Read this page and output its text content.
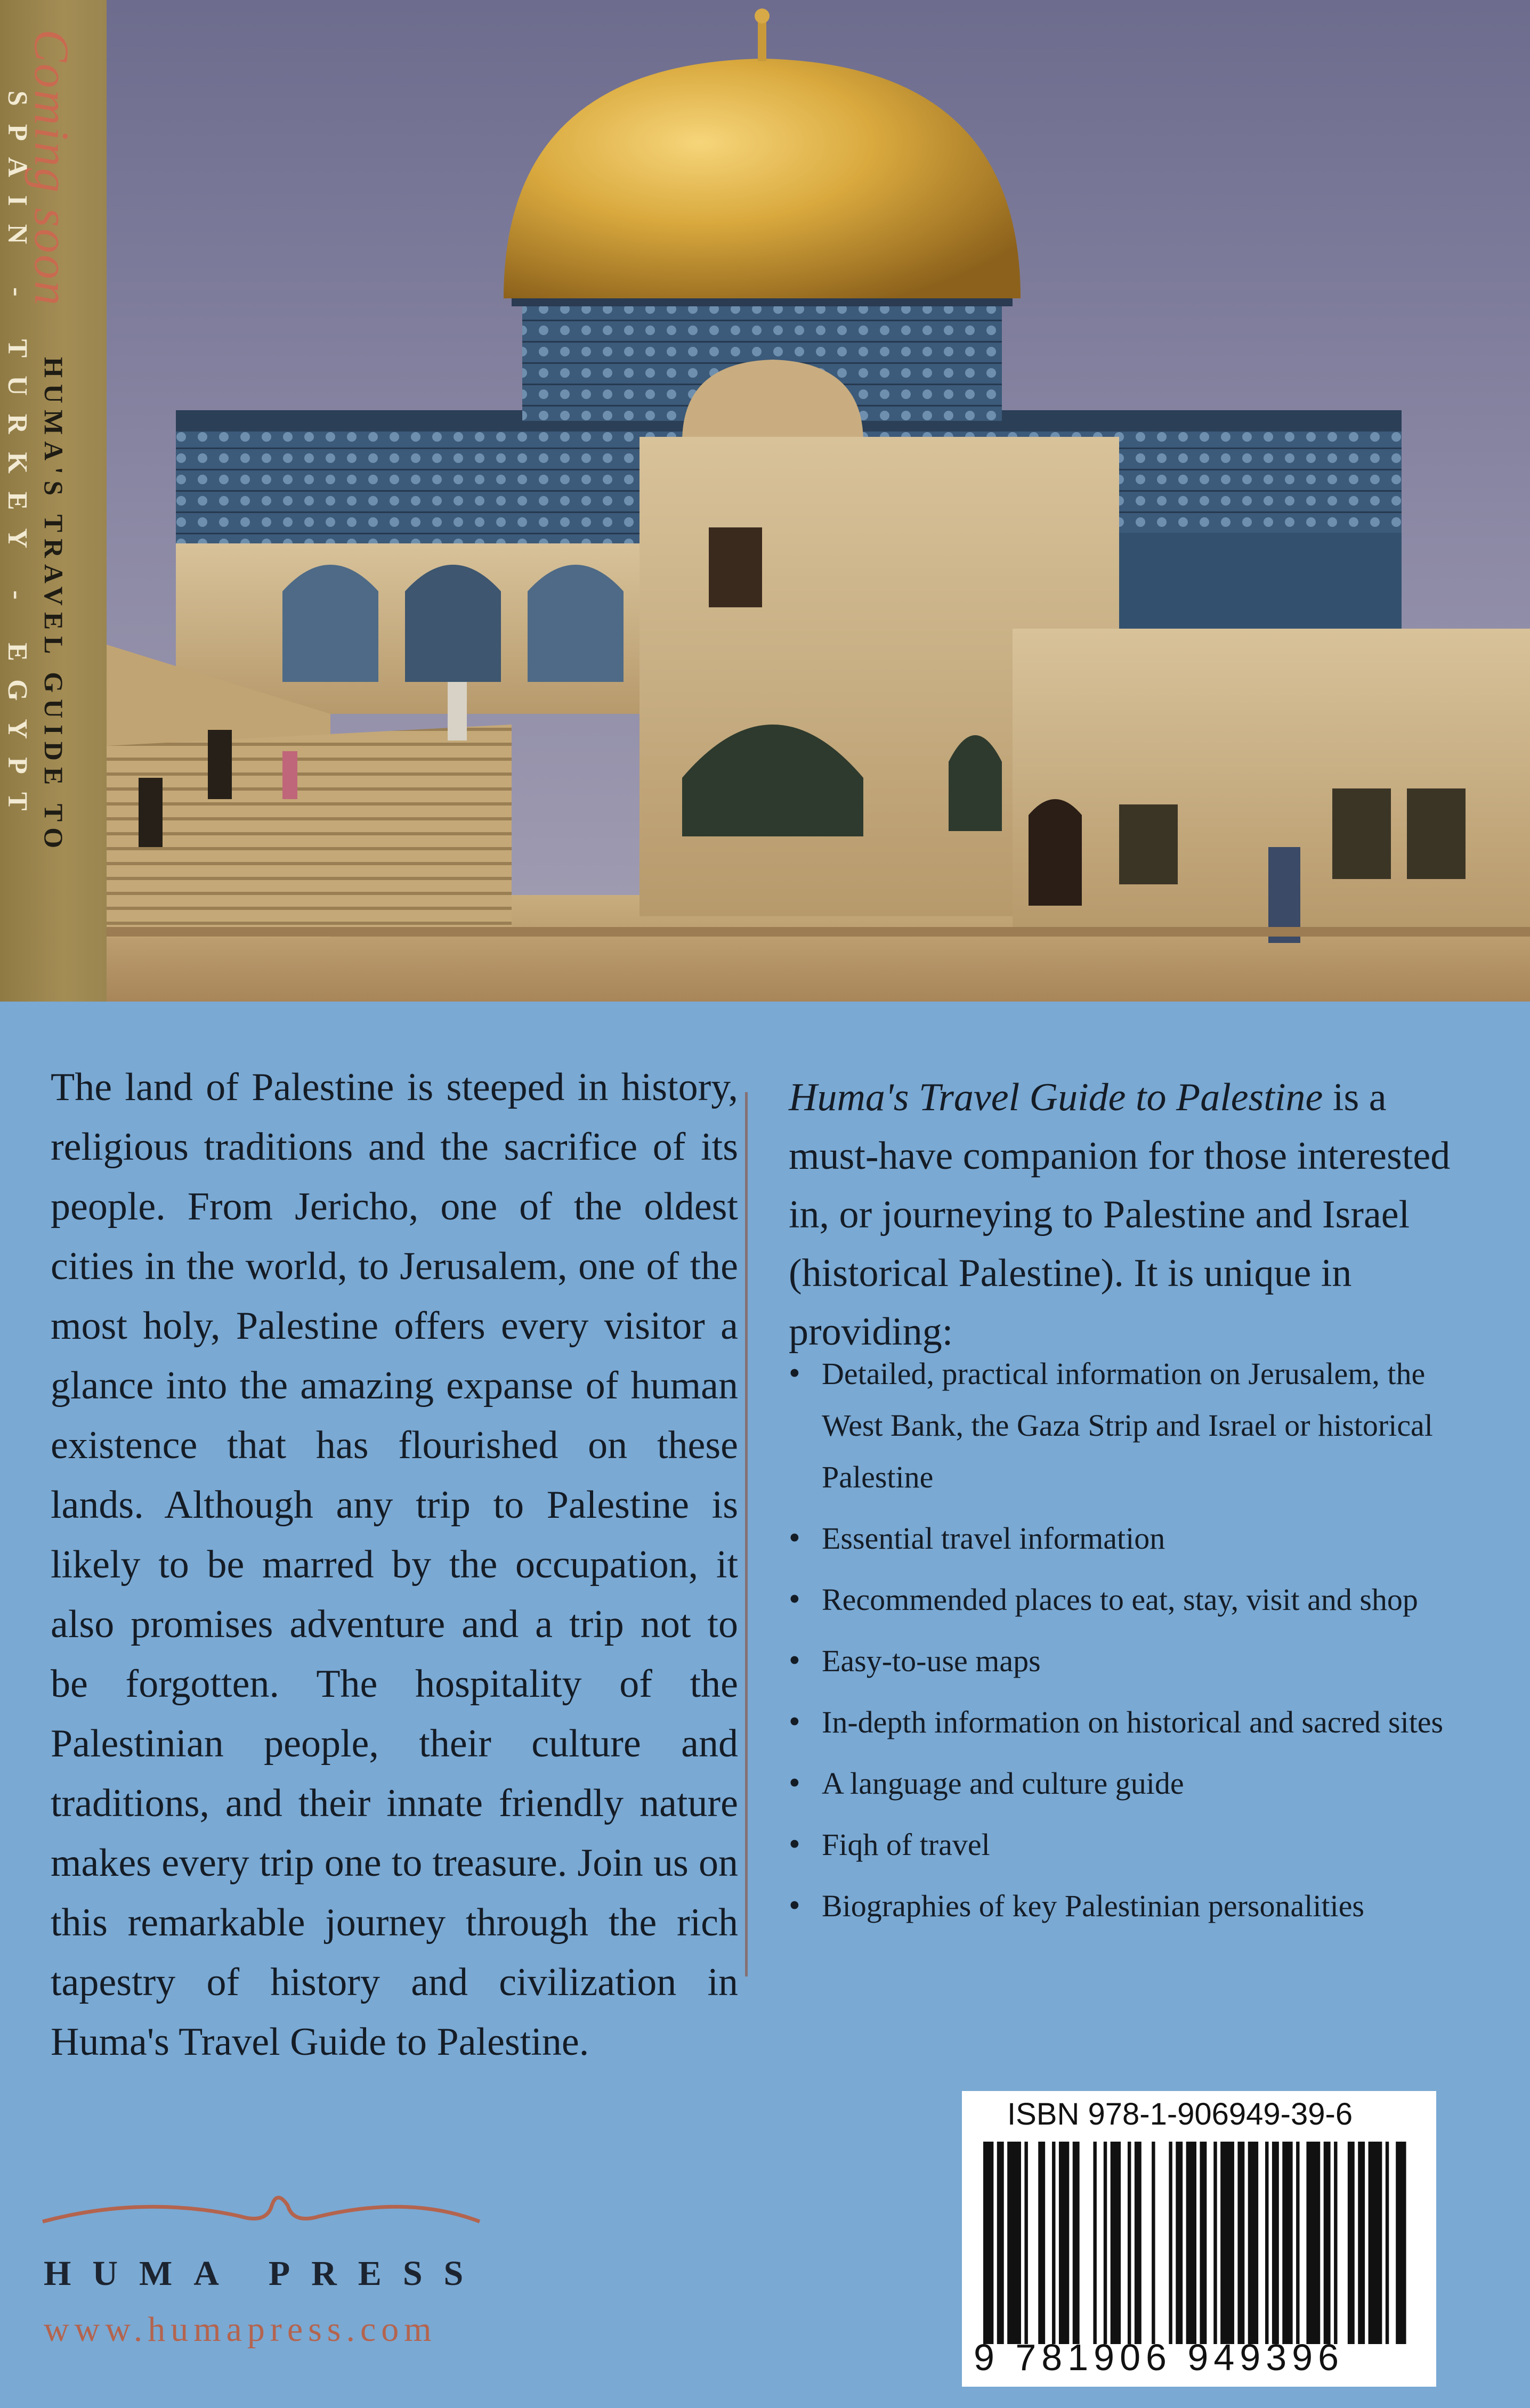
Coming soon
SPAIN - TURKEY - EGYPT HUMA'S TRAVEL GUIDE TO
The land of Palestine is steeped in history, religious traditions and the sacrifice of its people. From Jericho, one of the oldest cities in the world, to Jerusalem, one of the most holy, Palestine offers every visitor a glance into the amazing expanse of human existence that has flourished on these lands. Although any trip to Palestine is likely to be marred by the occupation, it also promises adventure and a trip not to be forgotten. The hospitality of the Palestinian people, their culture and traditions, and their innate friendly nature makes every trip one to treasure. Join us on this remarkable journey through the rich tapestry of history and civilization in Huma's Travel Guide to Palestine.
Huma's Travel Guide to Palestine is a must-have companion for those interested in, or journeying to Palestine and Israel (historical Palestine). It is unique in providing:
• Detailed, practical information on Jerusalem, the West Bank, the Gaza Strip and Israel or historical Palestine
• Essential travel information
• Recommended places to eat, stay, visit and shop
• Easy-to-use maps
• In-depth information on historical and sacred sites
• A language and culture guide
• Fiqh of travel
• Biographies of key Palestinian personalities
HUMA PRESS
www.humapress.com
ISBN 978-1-906949-39-6
9 781906 949396
